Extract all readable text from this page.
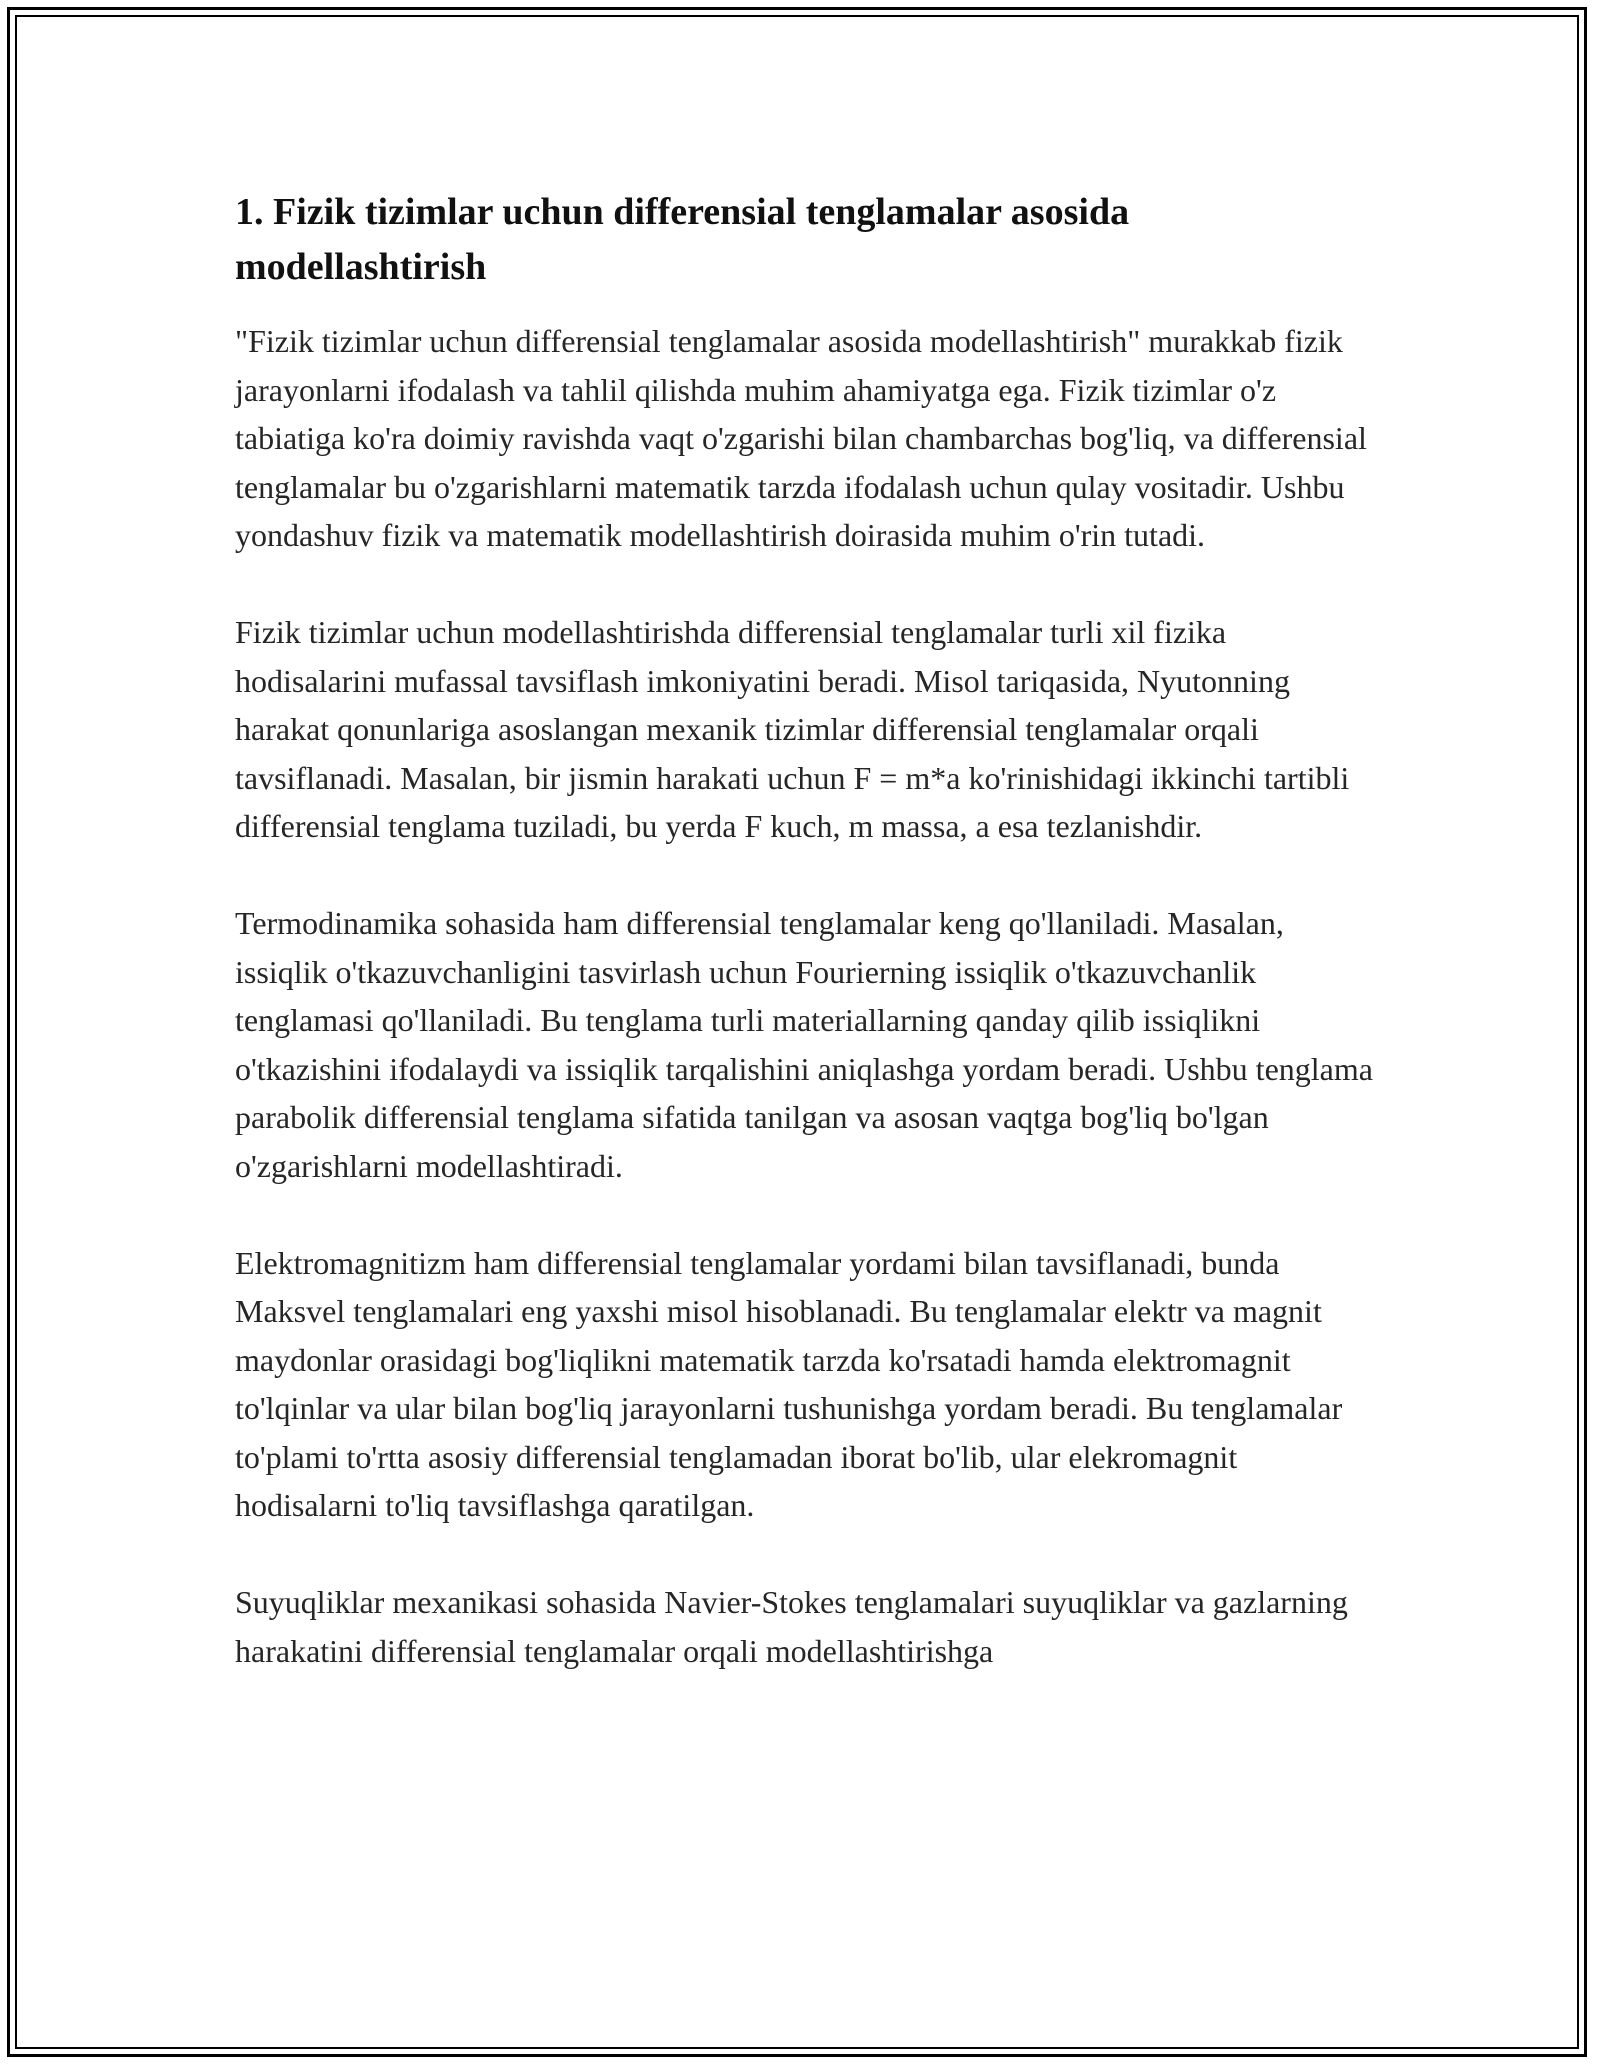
1. Fizik tizimlar uchun differensial tenglamalar asosida modellashtirish

"Fizik tizimlar uchun differensial tenglamalar asosida modellashtirish" murakkab fizik jarayonlarni ifodalash va tahlil qilishda muhim ahamiyatga ega. Fizik tizimlar o'z tabiatiga ko'ra doimiy ravishda vaqt o'zgarishi bilan chambarchas bog'liq, va differensial tenglamalar bu o'zgarishlarni matematik tarzda ifodalash uchun qulay vositadir. Ushbu yondashuv fizik va matematik modellashtirish doirasida muhim o'rin tutadi.

Fizik tizimlar uchun modellashtirishda differensial tenglamalar turli xil fizika hodisalarini mufassal tavsiflash imkoniyatini beradi. Misol tariqasida, Nyutonning harakat qonunlariga asoslangan mexanik tizimlar differensial tenglamalar orqali tavsiflanadi. Masalan, bir jismin harakati uchun F = m*a ko'rinishidagi ikkinchi tartibli differensial tenglama tuziladi, bu yerda F kuch, m massa, a esa tezlanishdir.

Termodinamika sohasida ham differensial tenglamalar keng qo'llaniladi. Masalan, issiqlik o'tkazuvchanligini tasvirlash uchun Fourierning issiqlik o'tkazuvchanlik tenglamasi qo'llaniladi. Bu tenglama turli materiallarning qanday qilib issiqlikni o'tkazishini ifodalaydi va issiqlik tarqalishini aniqlashga yordam beradi. Ushbu tenglama parabolik differensial tenglama sifatida tanilgan va asosan vaqtga bog'liq bo'lgan o'zgarishlarni modellashtiradi.

Elektromagnitizm ham differensial tenglamalar yordami bilan tavsiflanadi, bunda Maksvel tenglamalari eng yaxshi misol hisoblanadi. Bu tenglamalar elektr va magnit maydonlar orasidagi bog'liqlikni matematik tarzda ko'rsatadi hamda elektromagnit to'lqinlar va ular bilan bog'liq jarayonlarni tushunishga yordam beradi. Bu tenglamalar to'plami to'rtta asosiy differensial tenglamadan iborat bo'lib, ular elekromagnit hodisalarni to'liq tavsiflashga qaratilgan.

Suyuqliklar mexanikasi sohasida Navier-Stokes tenglamalari suyuqliklar va gazlarning harakatini differensial tenglamalar orqali modellashtirishga
